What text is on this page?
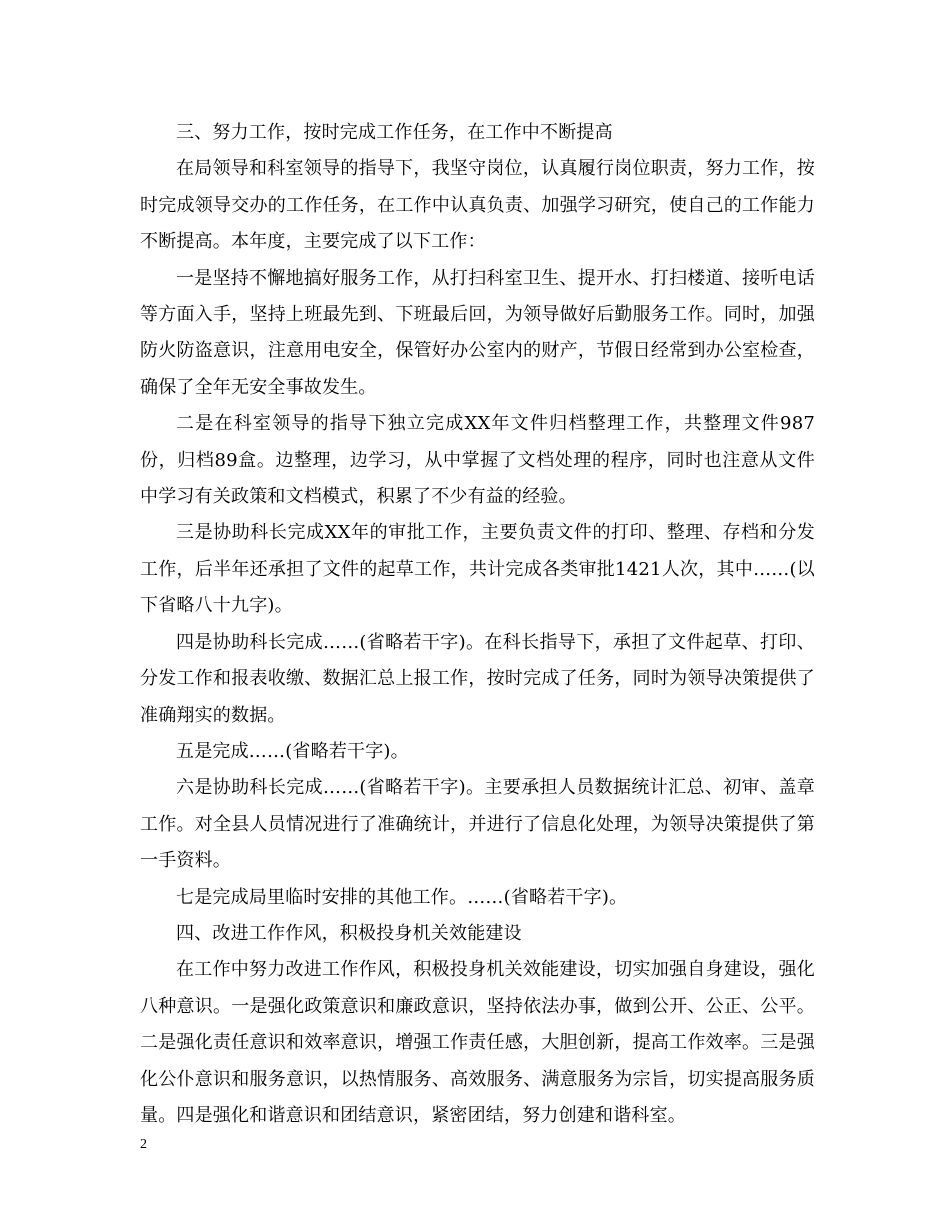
三、努力工作，按时完成工作任务，在工作中不断提高

在局领导和科室领导的指导下，我坚守岗位，认真履行岗位职责，努力工作，按时完成领导交办的工作任务，在工作中认真负责、加强学习研究，使自己的工作能力不断提高。本年度，主要完成了以下工作：

一是坚持不懈地搞好服务工作，从打扫科室卫生、提开水、打扫楼道、接听电话等方面入手，坚持上班最先到、下班最后回，为领导做好后勤服务工作。同时，加强防火防盗意识，注意用电安全，保管好办公室内的财产，节假日经常到办公室检查，确保了全年无安全事故发生。

二是在科室领导的指导下独立完成XX年文件归档整理工作，共整理文件987份，归档89盒。边整理，边学习，从中掌握了文档处理的程序，同时也注意从文件中学习有关政策和文档模式，积累了不少有益的经验。

三是协助科长完成XX年的审批工作，主要负责文件的打印、整理、存档和分发工作，后半年还承担了文件的起草工作，共计完成各类审批1421人次，其中……(以下省略八十九字)。

四是协助科长完成……(省略若干字)。在科长指导下，承担了文件起草、打印、分发工作和报表收缴、数据汇总上报工作，按时完成了任务，同时为领导决策提供了准确翔实的数据。

五是完成……(省略若干字)。

六是协助科长完成……(省略若干字)。主要承担人员数据统计汇总、初审、盖章工作。对全县人员情况进行了准确统计，并进行了信息化处理，为领导决策提供了第一手资料。

七是完成局里临时安排的其他工作。……(省略若干字)。

四、改进工作作风，积极投身机关效能建设

在工作中努力改进工作作风，积极投身机关效能建设，切实加强自身建设，强化八种意识。一是强化政策意识和廉政意识，坚持依法办事，做到公开、公正、公平。二是强化责任意识和效率意识，增强工作责任感，大胆创新，提高工作效率。三是强化公仆意识和服务意识，以热情服务、高效服务、满意服务为宗旨，切实提高服务质量。四是强化和谐意识和团结意识，紧密团结，努力创建和谐科室。

2
